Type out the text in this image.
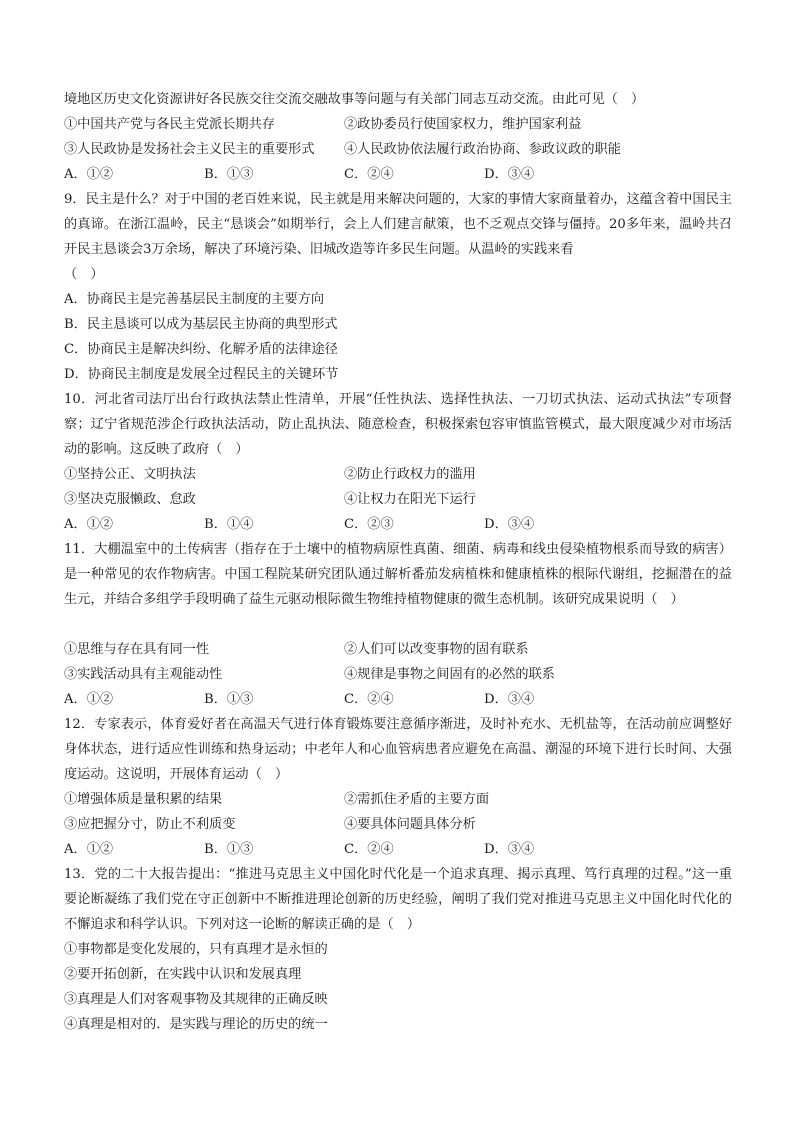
境地区历史文化资源讲好各民族交往交流交融故事等问题与有关部门同志互动交流。由此可见（　）
①中国共产党与各民主党派长期共存	②政协委员行使国家权力，维护国家利益
③人民政协是发扬社会主义民主的重要形式 ④人民政协依法履行政治协商、参政议政的职能
A．①②	B．①③	C．②④	D．③④
9．民主是什么？对于中国的老百姓来说，民主就是用来解决问题的，大家的事情大家商量着办，这蕴含着中国民主的真谛。在浙江温岭，民主“恳谈会”如期举行，会上人们建言献策，也不乏观点交锋与僵持。20多年来，温岭共召开民主恳谈会3万余场，解决了环境污染、旧城改造等许多民生问题。从温岭的实践来看
（　）
A．协商民主是完善基层民主制度的主要方向
B．民主恳谈可以成为基层民主协商的典型形式
C．协商民主是解决纠纷、化解矛盾的法律途径
D．协商民主制度是发展全过程民主的关键环节
10．河北省司法厅出台行政执法禁止性清单，开展“任性执法、选择性执法、一刀切式执法、运动式执法”专项督察；辽宁省规范涉企行政执法活动，防止乱执法、随意检查，积极探索包容审慎监管模式，最大限度减少对市场活动的影响。这反映了政府（　）
①坚持公正、文明执法	②防止行政权力的滥用
③坚决克服懒政、怠政	④让权力在阳光下运行
A．①②	B．①④	C．②③	D．③④
11．大棚温室中的土传病害（指存在于土壤中的植物病原性真菌、细菌、病毒和线虫侵染植物根系而导致的病害）是一种常见的农作物病害。中国工程院某研究团队通过解析番茄发病植株和健康植株的根际代谢组，挖掘潜在的益生元，并结合多组学手段明确了益生元驱动根际微生物维持植物健康的微生态机制。该研究成果说明（　）
①思维与存在具有同一性	②人们可以改变事物的固有联系
③实践活动具有主观能动性	④规律是事物之间固有的必然的联系
A．①②	B．①③	C．②④	D．③④
12．专家表示，体育爱好者在高温天气进行体育锻炼要注意循序渐进，及时补充水、无机盐等，在活动前应调整好身体状态，进行适应性训练和热身运动；中老年人和心血管病患者应避免在高温、潮湿的环境下进行长时间、大强度运动。这说明，开展体育运动（　）
①增强体质是量积累的结果	②需抓住矛盾的主要方面
③应把握分寸，防止不利质变	④要具体问题具体分析
A．①②	B．①③	C．②④	D．③④
13．党的二十大报告提出：“推进马克思主义中国化时代化是一个追求真理、揭示真理、笃行真理的过程。”这一重要论断凝练了我们党在守正创新中不断推进理论创新的历史经验，阐明了我们党对推进马克思主义中国化时代化的不懈追求和科学认识。下列对这一论断的解读正确的是（　）
①事物都是变化发展的，只有真理才是永恒的
②要开拓创新，在实践中认识和发展真理
③真理是人们对客观事物及其规律的正确反映
④真理是相对的．是实践与理论的历史的统一
